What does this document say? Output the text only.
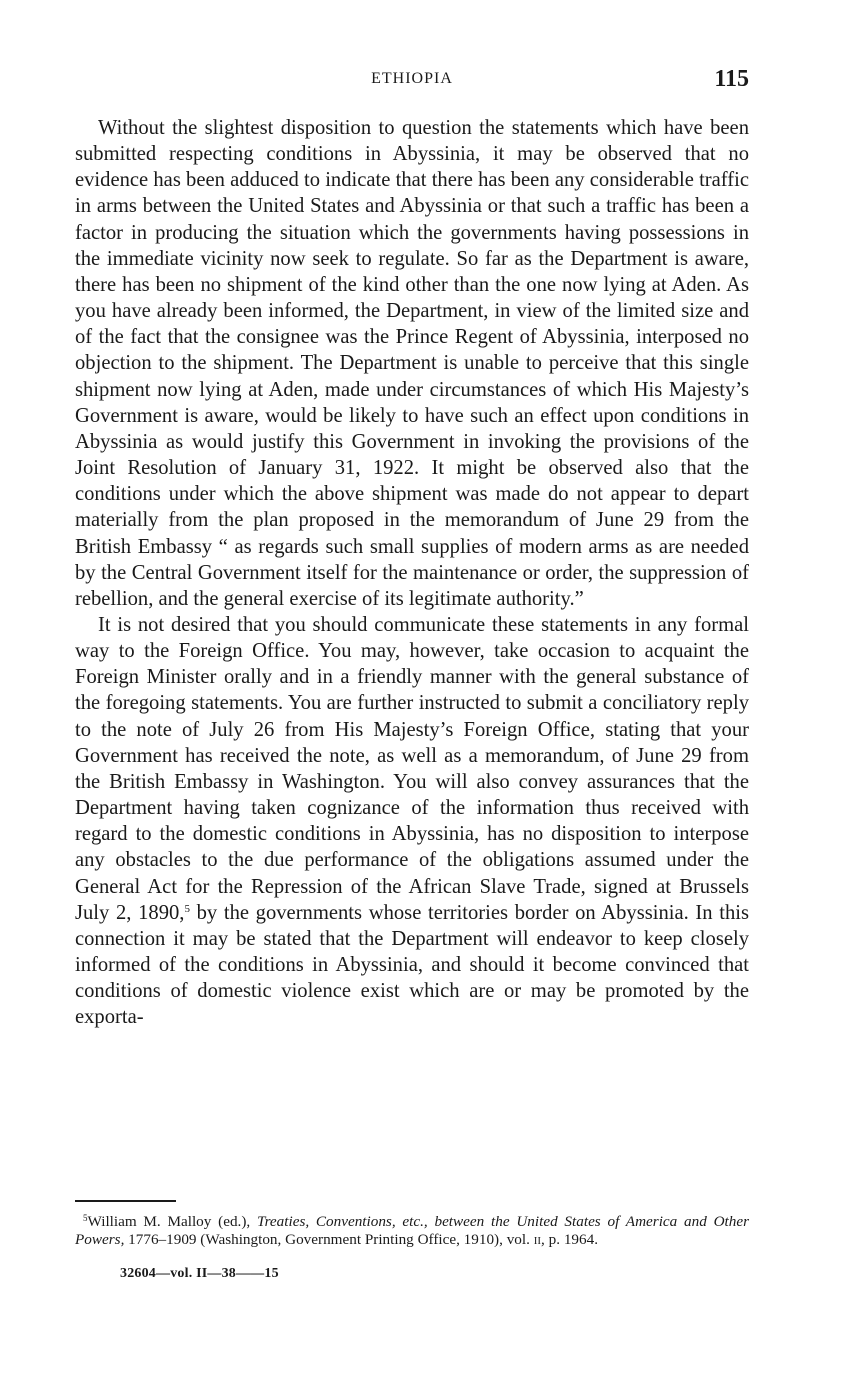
ETHIOPIA	115

Without the slightest disposition to question the statements which have been submitted respecting conditions in Abyssinia, it may be observed that no evidence has been adduced to indicate that there has been any considerable traffic in arms between the United States and Abyssinia or that such a traffic has been a factor in producing the situation which the governments having possessions in the immediate vicinity now seek to regulate. So far as the Department is aware, there has been no shipment of the kind other than the one now lying at Aden. As you have already been informed, the Department, in view of the limited size and of the fact that the consignee was the Prince Regent of Abyssinia, interposed no objection to the shipment. The Department is unable to perceive that this single shipment now lying at Aden, made under circumstances of which His Majesty’s Government is aware, would be likely to have such an effect upon conditions in Abyssinia as would justify this Government in invoking the provisions of the Joint Resolution of January 31, 1922. It might be observed also that the conditions under which the above shipment was made do not appear to depart materially from the plan proposed in the memorandum of June 29 from the British Embassy “ as regards such small supplies of modern arms as are needed by the Central Government itself for the maintenance or order, the suppression of rebellion, and the general exercise of its legitimate authority.”

It is not desired that you should communicate these statements in any formal way to the Foreign Office. You may, however, take occasion to acquaint the Foreign Minister orally and in a friendly manner with the general substance of the foregoing statements. You are further instructed to submit a conciliatory reply to the note of July 26 from His Majesty’s Foreign Office, stating that your Government has received the note, as well as a memorandum, of June 29 from the British Embassy in Washington. You will also convey assurances that the Department having taken cognizance of the information thus received with regard to the domestic conditions in Abyssinia, has no disposition to interpose any obstacles to the due performance of the obligations assumed under the General Act for the Repression of the African Slave Trade, signed at Brussels July 2, 1890,$^5$ by the governments whose territories border on Abyssinia. In this connection it may be stated that the Department will endeavor to keep closely informed of the conditions in Abyssinia, and should it become convinced that conditions of domestic violence exist which are or may be promoted by the exporta-

$^5$William M. Malloy (ed.), Treaties, Conventions, etc., between the United States of America and Other Powers, 1776–1909 (Washington, Government Printing Office, 1910), vol. ii, p. 1964.

32604—vol. II—38——15
